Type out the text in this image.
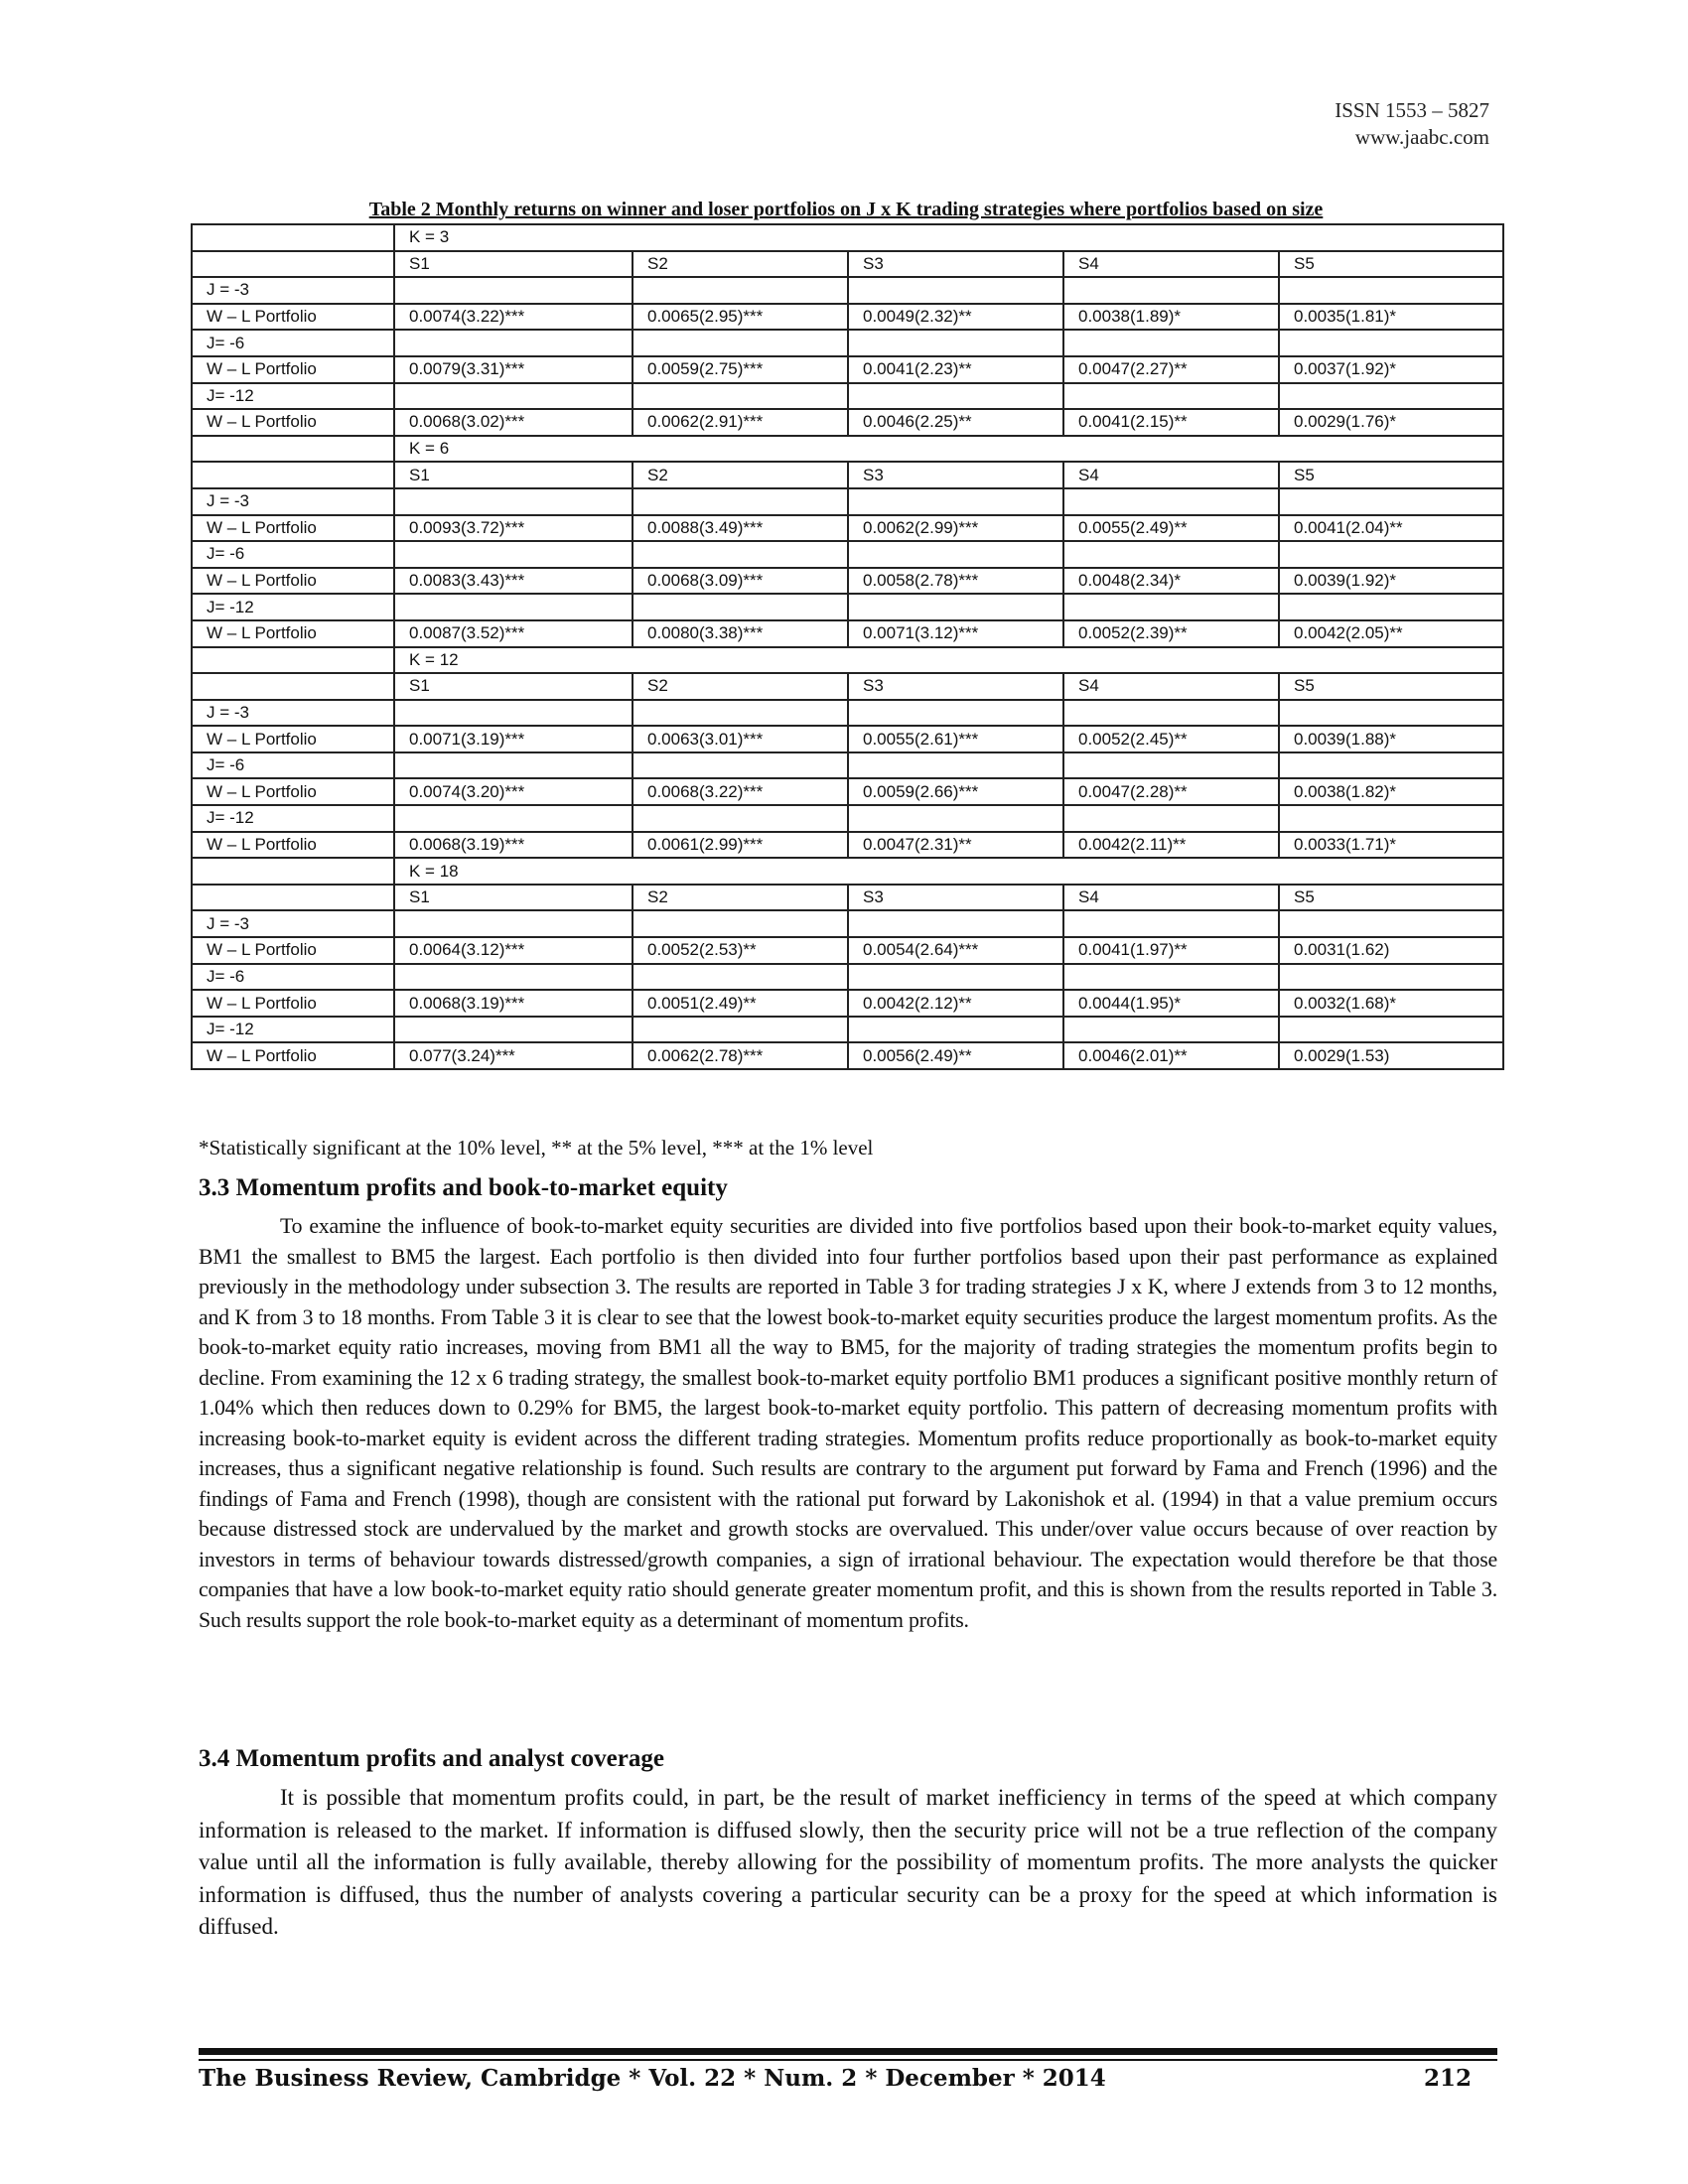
ISSN 1553 – 5827
www.jaabc.com
Table 2 Monthly returns on winner and loser portfolios on J x K trading strategies where portfolios based on size
	K = 3				
	S1	S2	S3	S4	S5
J = -3					
W – L Portfolio	0.0074(3.22)***	0.0065(2.95)***	0.0049(2.32)**	0.0038(1.89)*	0.0035(1.81)*
J= -6					
W – L Portfolio	0.0079(3.31)***	0.0059(2.75)***	0.0041(2.23)**	0.0047(2.27)**	0.0037(1.92)*
J= -12					
W – L Portfolio	0.0068(3.02)***	0.0062(2.91)***	0.0046(2.25)**	0.0041(2.15)**	0.0029(1.76)*
	K = 6				
	S1	S2	S3	S4	S5
J = -3					
W – L Portfolio	0.0093(3.72)***	0.0088(3.49)***	0.0062(2.99)***	0.0055(2.49)**	0.0041(2.04)**
J= -6					
W – L Portfolio	0.0083(3.43)***	0.0068(3.09)***	0.0058(2.78)***	0.0048(2.34)*	0.0039(1.92)*
J= -12					
W – L Portfolio	0.0087(3.52)***	0.0080(3.38)***	0.0071(3.12)***	0.0052(2.39)**	0.0042(2.05)**
	K = 12				
	S1	S2	S3	S4	S5
J = -3					
W – L Portfolio	0.0071(3.19)***	0.0063(3.01)***	0.0055(2.61)***	0.0052(2.45)**	0.0039(1.88)*
J= -6					
W – L Portfolio	0.0074(3.20)***	0.0068(3.22)***	0.0059(2.66)***	0.0047(2.28)**	0.0038(1.82)*
J= -12					
W – L Portfolio	0.0068(3.19)***	0.0061(2.99)***	0.0047(2.31)**	0.0042(2.11)**	0.0033(1.71)*
	K = 18				
	S1	S2	S3	S4	S5
J = -3					
W – L Portfolio	0.0064(3.12)***	0.0052(2.53)**	0.0054(2.64)***	0.0041(1.97)**	0.0031(1.62)
J= -6					
W – L Portfolio	0.0068(3.19)***	0.0051(2.49)**	0.0042(2.12)**	0.0044(1.95)*	0.0032(1.68)*
J= -12					
W – L Portfolio	0.077(3.24)***	0.0062(2.78)***	0.0056(2.49)**	0.0046(2.01)**	0.0029(1.53)
*Statistically significant at the 10% level, ** at the 5% level, *** at the 1% level
3.3 Momentum profits and book-to-market equity

To examine the influence of book-to-market equity securities are divided into five portfolios based upon their book-to-market equity values, BM1 the smallest to BM5 the largest. Each portfolio is then divided into four further portfolios based upon their past performance as explained previously in the methodology under subsection 3. The results are reported in Table 3 for trading strategies J x K, where J extends from 3 to 12 months, and K from 3 to 18 months. From Table 3 it is clear to see that the lowest book-to-market equity securities produce the largest momentum profits. As the book-to-market equity ratio increases, moving from BM1 all the way to BM5, for the majority of trading strategies the momentum profits begin to decline. From examining the 12 x 6 trading strategy, the smallest book-to-market equity portfolio BM1 produces a significant positive monthly return of 1.04% which then reduces down to 0.29% for BM5, the largest book-to-market equity portfolio. This pattern of decreasing momentum profits with increasing book-to-market equity is evident across the different trading strategies. Momentum profits reduce proportionally as book-to-market equity increases, thus a significant negative relationship is found. Such results are contrary to the argument put forward by Fama and French (1996) and the findings of Fama and French (1998), though are consistent with the rational put forward by Lakonishok et al. (1994) in that a value premium occurs because distressed stock are undervalued by the market and growth stocks are overvalued. This under/over value occurs because of over reaction by investors in terms of behaviour towards distressed/growth companies, a sign of irrational behaviour. The expectation would therefore be that those companies that have a low book-to-market equity ratio should generate greater momentum profit, and this is shown from the results reported in Table 3. Such results support the role book-to-market equity as a determinant of momentum profits.

3.4 Momentum profits and analyst coverage

It is possible that momentum profits could, in part, be the result of market inefficiency in terms of the speed at which company information is released to the market. If information is diffused slowly, then the security price will not be a true reflection of the company value until all the information is fully available, thereby allowing for the possibility of momentum profits. The more analysts the quicker information is diffused, thus the number of analysts covering a particular security can be a proxy for the speed at which information is diffused.

The Business Review, Cambridge * Vol. 22 * Num. 2 * December * 2014	212
